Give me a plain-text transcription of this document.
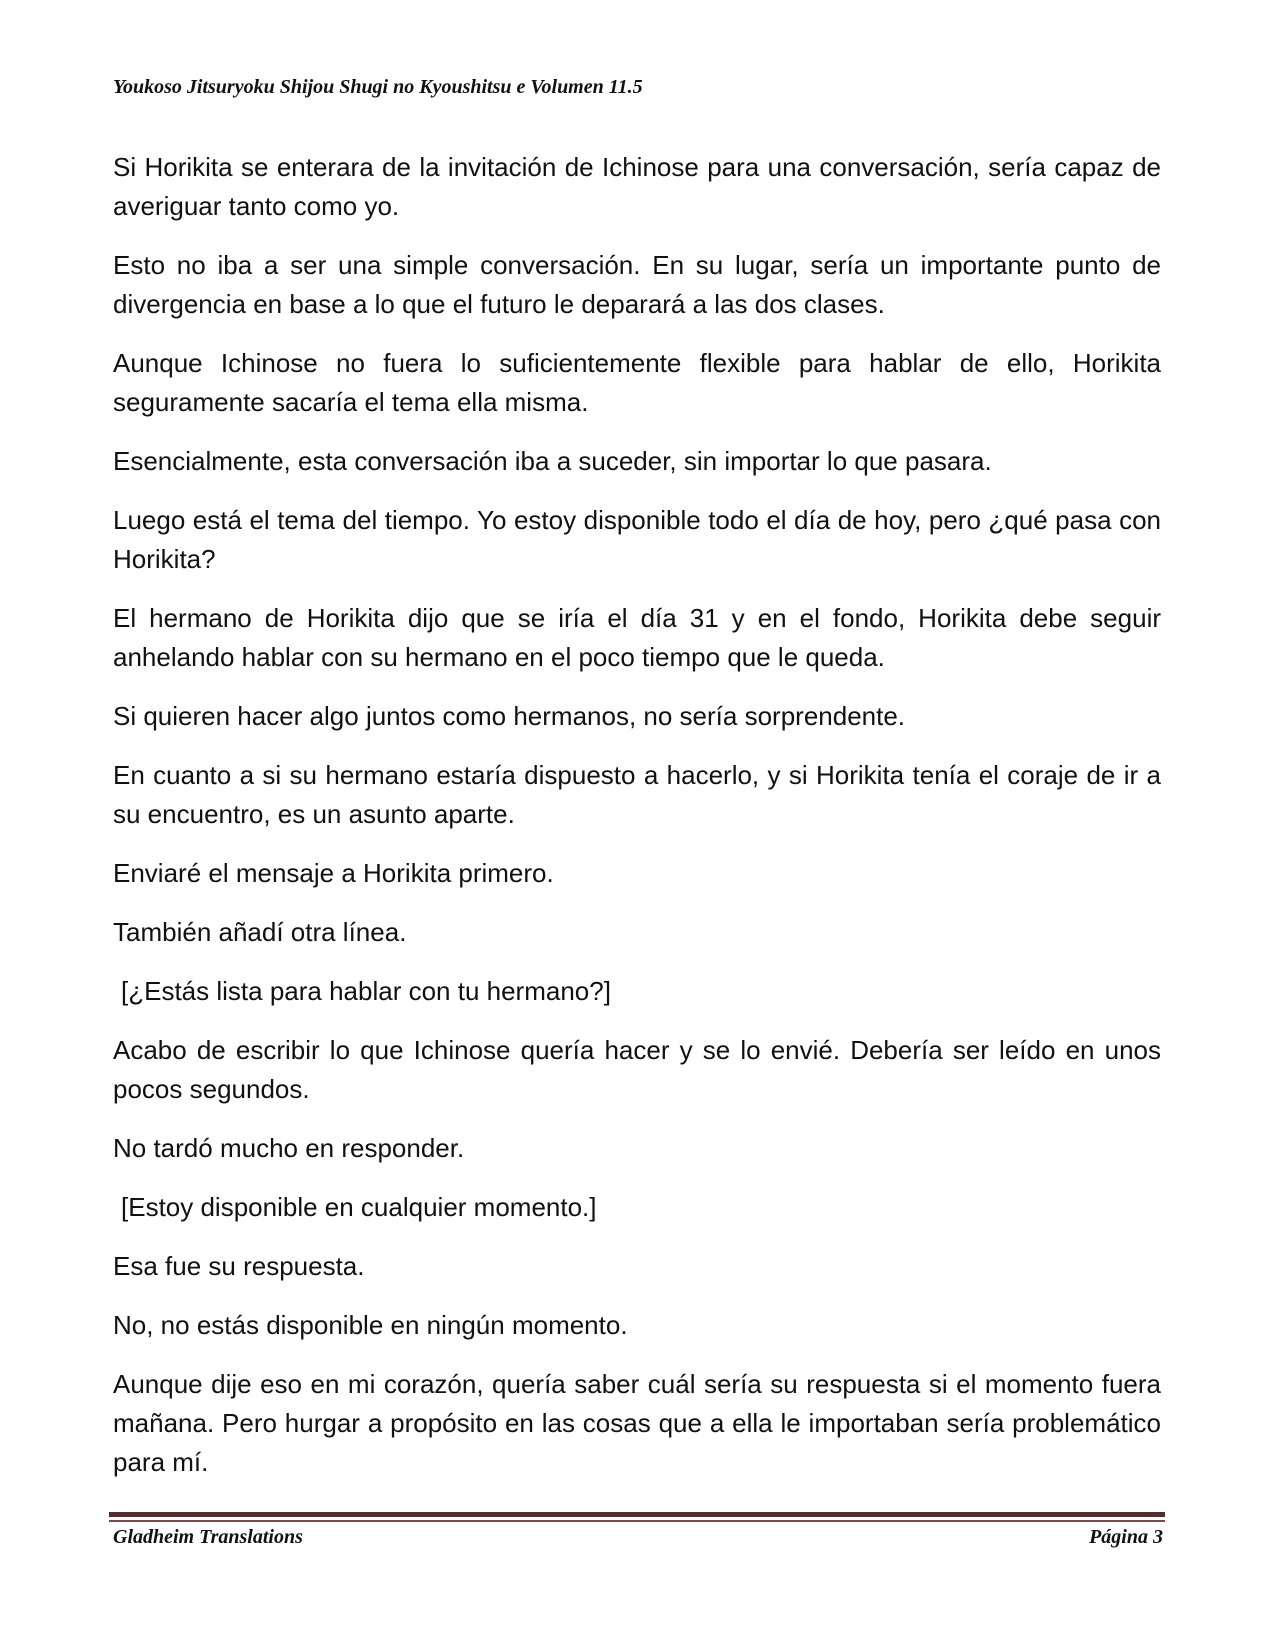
Youkoso Jitsuryoku Shijou Shugi no Kyoushitsu e Volumen 11.5

Si Horikita se enterara de la invitación de Ichinose para una conversación, sería capaz de averiguar tanto como yo.

Esto no iba a ser una simple conversación. En su lugar, sería un importante punto de divergencia en base a lo que el futuro le deparará a las dos clases.

Aunque Ichinose no fuera lo suficientemente flexible para hablar de ello, Horikita seguramente sacaría el tema ella misma.

Esencialmente, esta conversación iba a suceder, sin importar lo que pasara.

Luego está el tema del tiempo. Yo estoy disponible todo el día de hoy, pero ¿qué pasa con Horikita?

El hermano de Horikita dijo que se iría el día 31 y en el fondo, Horikita debe seguir anhelando hablar con su hermano en el poco tiempo que le queda.

Si quieren hacer algo juntos como hermanos, no sería sorprendente.

En cuanto a si su hermano estaría dispuesto a hacerlo, y si Horikita tenía el coraje de ir a su encuentro, es un asunto aparte.

Enviaré el mensaje a Horikita primero.

También añadí otra línea.

[¿Estás lista para hablar con tu hermano?]

Acabo de escribir lo que Ichinose quería hacer y se lo envié. Debería ser leído en unos pocos segundos.

No tardó mucho en responder.

[Estoy disponible en cualquier momento.]

Esa fue su respuesta.

No, no estás disponible en ningún momento.

Aunque dije eso en mi corazón, quería saber cuál sería su respuesta si el momento fuera mañana. Pero hurgar a propósito en las cosas que a ella le importaban sería problemático para mí.

Gladheim Translations	Página 3
